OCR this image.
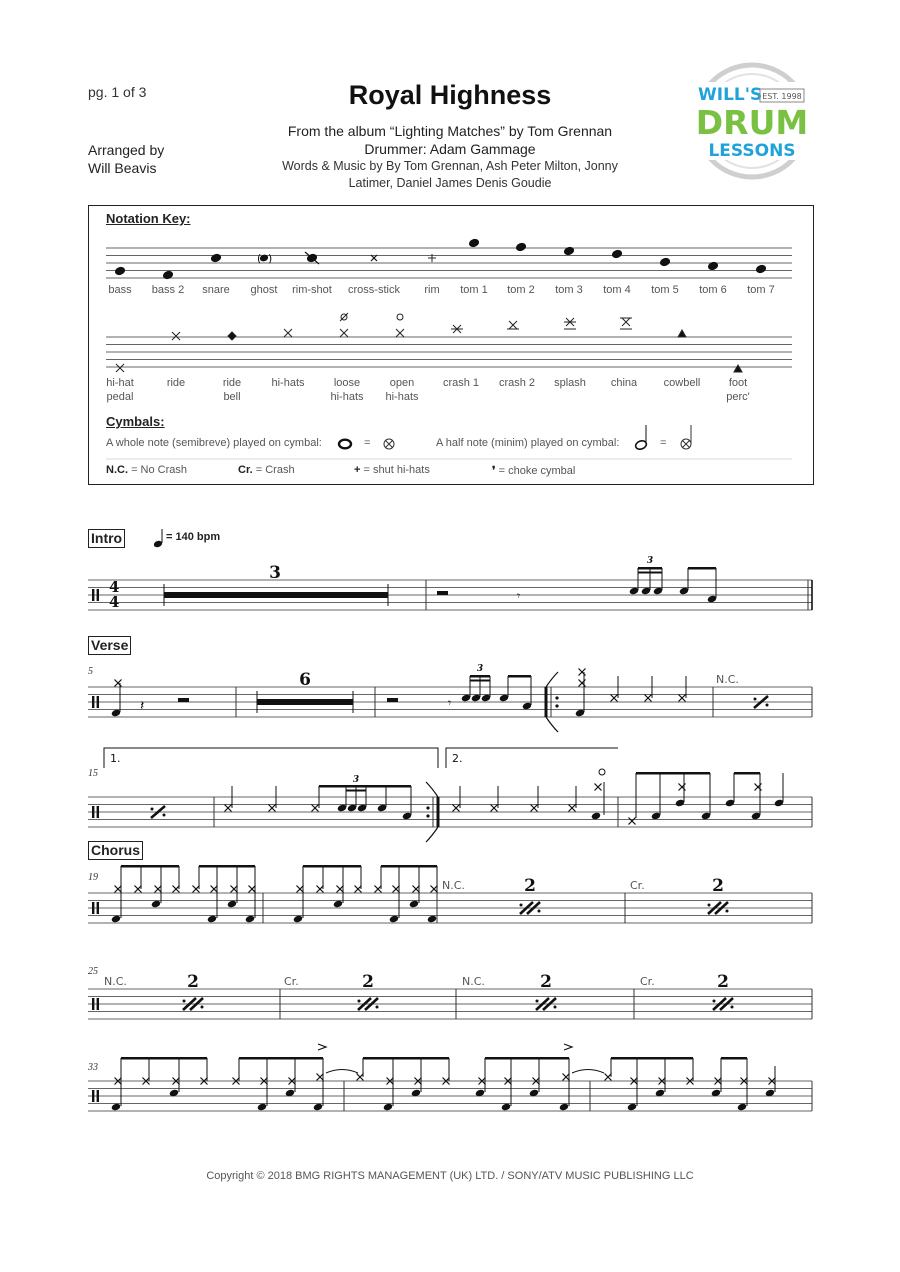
pg. 1 of 3
Arranged by
Will Beavis
Royal Highness
From the album “Lighting Matches” by Tom Grennan
Drummer: Adam Gammage
Words & Music by By Tom Grennan, Ash Peter Milton, Jonny
Latimer, Daniel James Denis Goudie
WILL'S EST. 1998
DRUM
LESSONS
Notation Key:
( )
bass	bass 2	snare	ghost	rim-shot	cross-stick	rim	tom 1	tom 2	tom 3	tom 4	tom 5	tom 6	tom 7
hi-hat
pedal
ride	ride
bell
hi-hats	loose
hi-hats
open
hi-hats
crash 1	crash 2	splash	china	cowbell	foot
perc'
Cymbals:
A whole note (semibreve) played on cymbal:	=	A half note (minim) played on cymbal:	=
N.C. = No Crash	Cr. = Crash	+ = shut hi-hats	❜ = choke cymbal
Intro	= 140 bpm
Verse
Chorus
5
15
19
25
33
4
4
3
𝄾
3
𝄽
6
𝄾
3
N.C.
1.	2.
3
N.C.	2	Cr.	2
N.C.	2	Cr.	2	N.C.	2	Cr.	2
Copyright © 2018 BMG RIGHTS MANAGEMENT (UK) LTD. / SONY/ATV MUSIC PUBLISHING LLC
